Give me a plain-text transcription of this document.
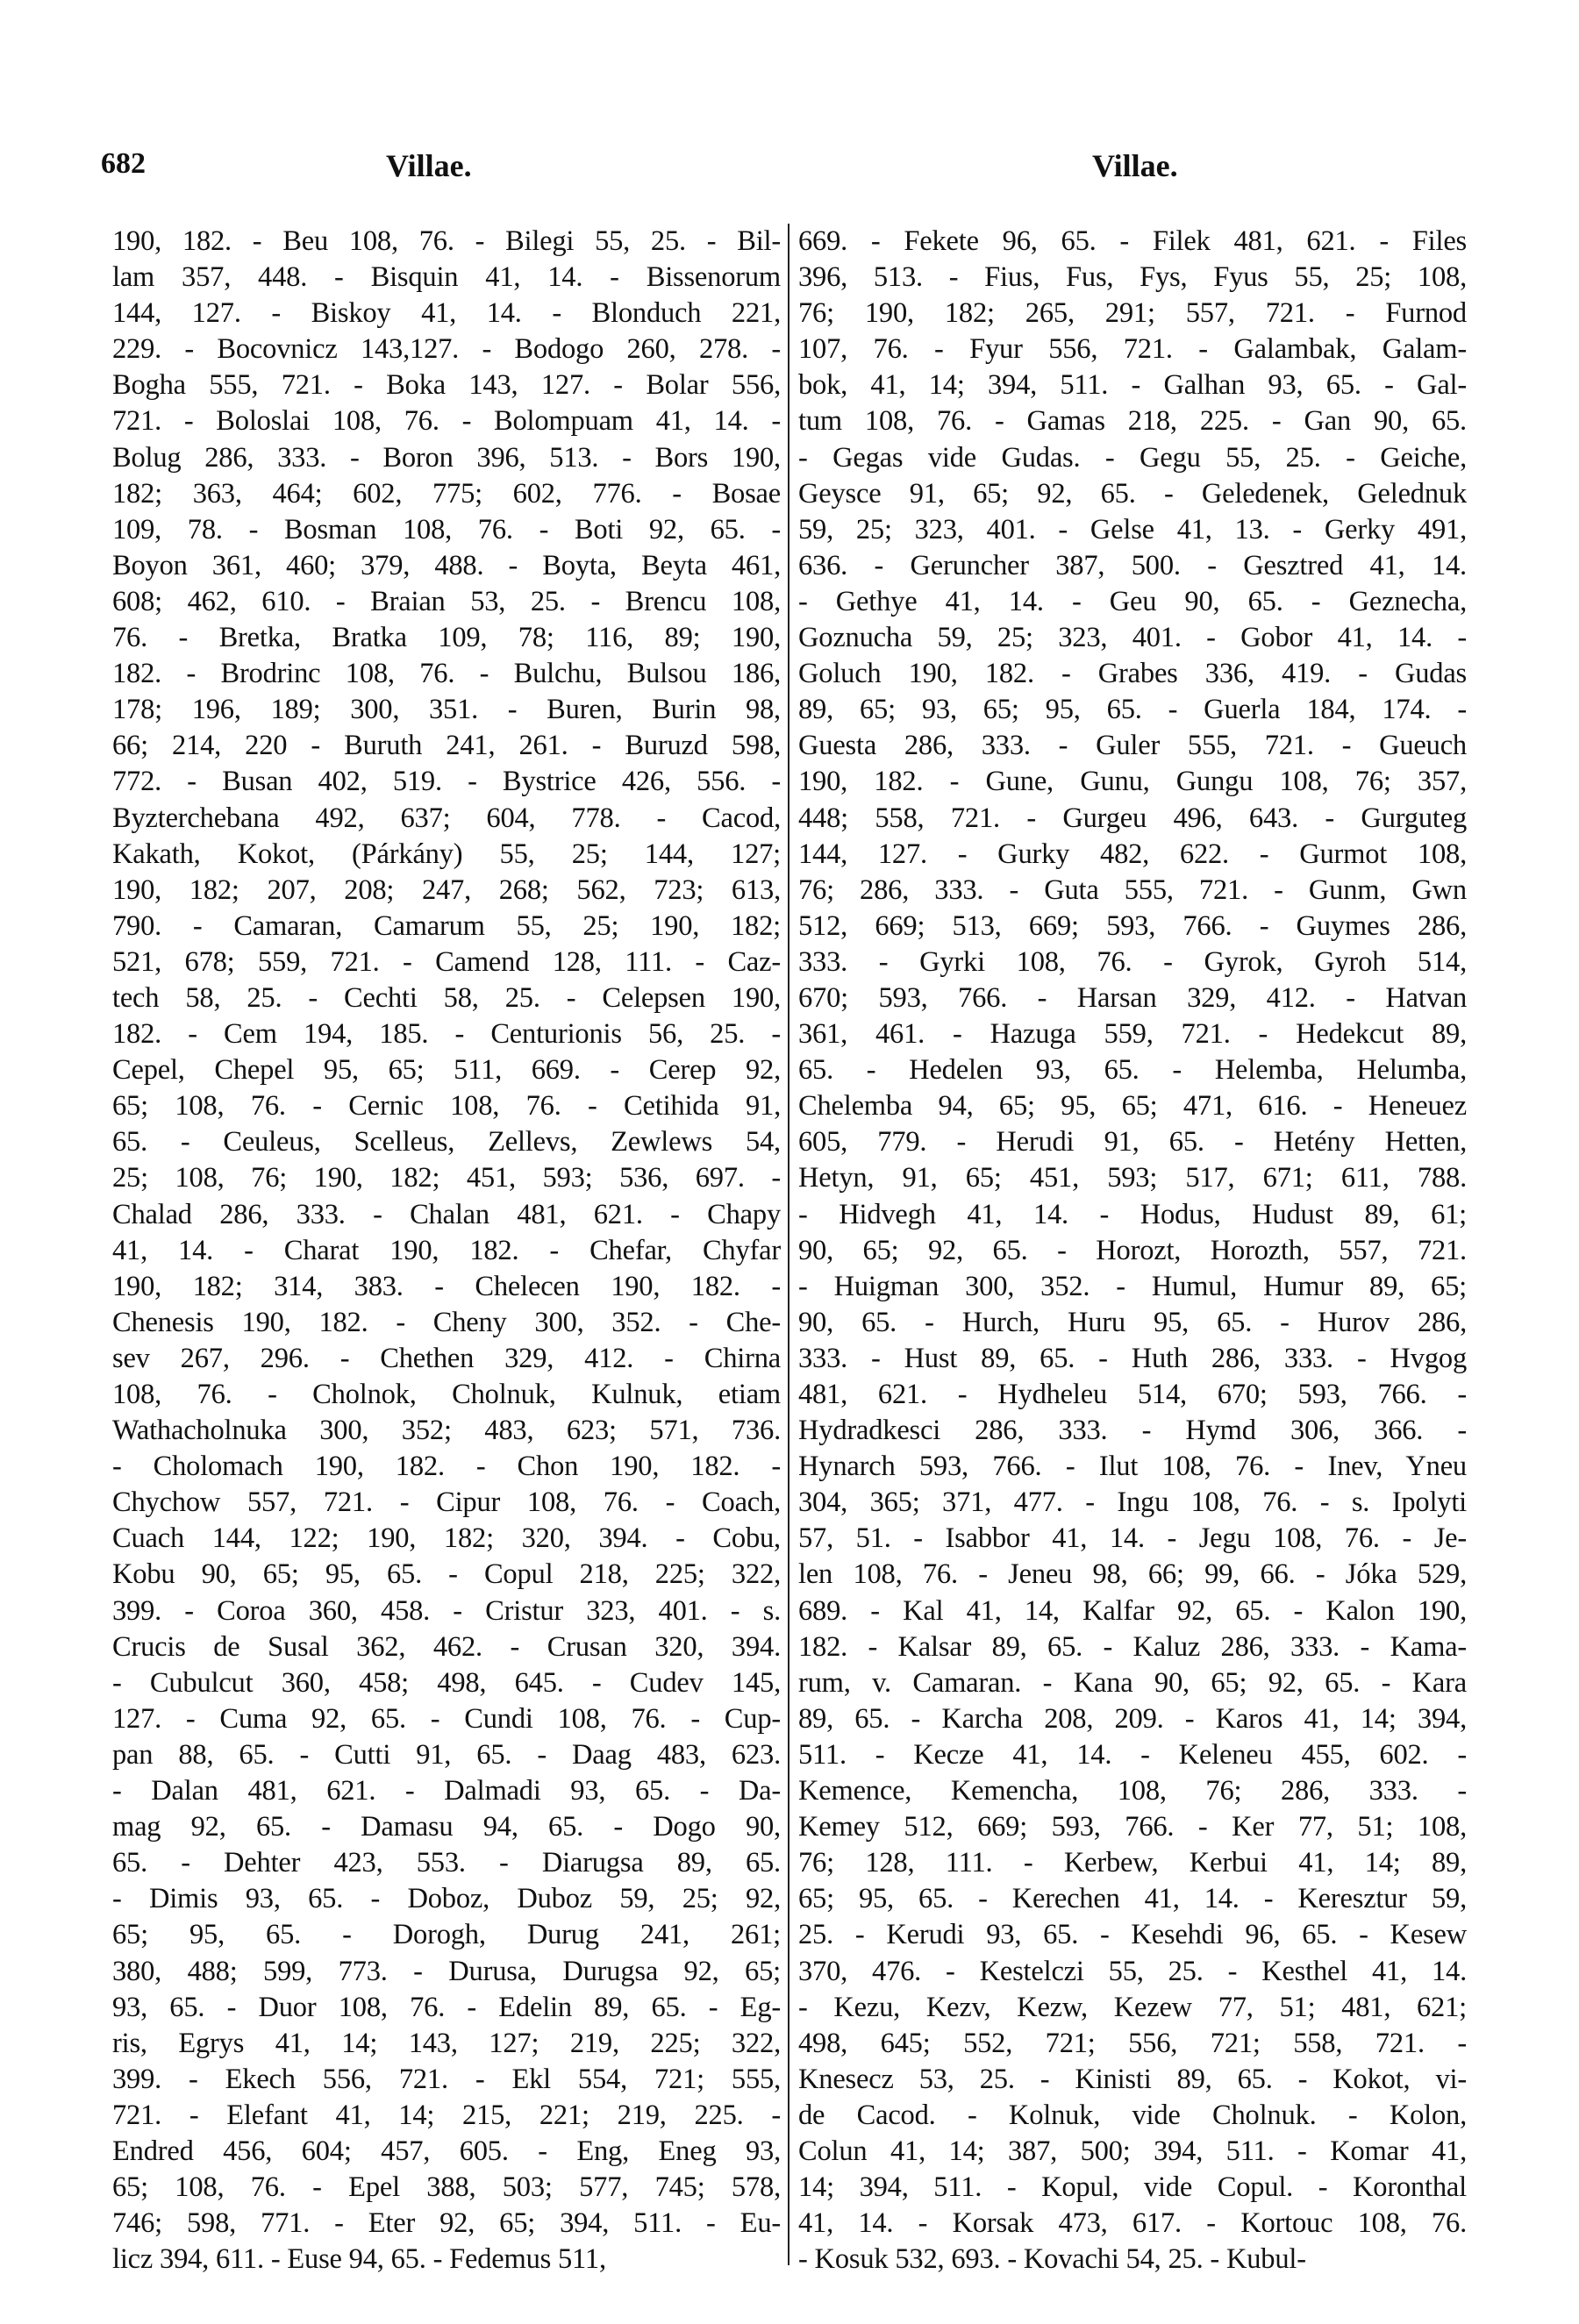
682	Villae.	Villae.
190, 182. - Beu 108, 76. - Bilegi 55, 25. - Bil-
lam 357, 448. - Bisquin 41, 14. - Bissenorum
144, 127. - Biskoy 41, 14. - Blonduch 221,
229. - Bocovnicz 143,127. - Bodogo 260, 278. -
Bogha 555, 721. - Boka 143, 127. - Bolar 556,
721. - Boloslai 108, 76. - Bolompuam 41, 14. -
Bolug 286, 333. - Boron 396, 513. - Bors 190,
182; 363, 464; 602, 775; 602, 776. - Bosae
109, 78. - Bosman 108, 76. - Boti 92, 65. -
Boyon 361, 460; 379, 488. - Boyta, Beyta 461,
608; 462, 610. - Braian 53, 25. - Brencu 108,
76. - Bretka, Bratka 109, 78; 116, 89; 190,
182. - Brodrinc 108, 76. - Bulchu, Bulsou 186,
178; 196, 189; 300, 351. - Buren, Burin 98,
66; 214, 220 - Buruth 241, 261. - Buruzd 598,
772. - Busan 402, 519. - Bystrice 426, 556. -
Byzterchebana 492, 637; 604, 778. - Cacod,
Kakath, Kokot, (Párkány) 55, 25; 144, 127;
190, 182; 207, 208; 247, 268; 562, 723; 613,
790. - Camaran, Camarum 55, 25; 190, 182;
521, 678; 559, 721. - Camend 128, 111. - Caz-
tech 58, 25. - Cechti 58, 25. - Celepsen 190,
182. - Cem 194, 185. - Centurionis 56, 25. -
Cepel, Chepel 95, 65; 511, 669. - Cerep 92,
65; 108, 76. - Cernic 108, 76. - Cetihida 91,
65. - Ceuleus, Scelleus, Zellevs, Zewlews 54,
25; 108, 76; 190, 182; 451, 593; 536, 697. -
Chalad 286, 333. - Chalan 481, 621. - Chapy
41, 14. - Charat 190, 182. - Chefar, Chyfar
190, 182; 314, 383. - Chelecen 190, 182. -
Chenesis 190, 182. - Cheny 300, 352. - Che-
sev 267, 296. - Chethen 329, 412. - Chirna
108, 76. - Cholnok, Cholnuk, Kulnuk, etiam
Wathacholnuka 300, 352; 483, 623; 571, 736.
- Cholomach 190, 182. - Chon 190, 182. -
Chychow 557, 721. - Cipur 108, 76. - Coach,
Cuach 144, 122; 190, 182; 320, 394. - Cobu,
Kobu 90, 65; 95, 65. - Copul 218, 225; 322,
399. - Coroa 360, 458. - Cristur 323, 401. - s.
Crucis de Susal 362, 462. - Crusan 320, 394.
- Cubulcut 360, 458; 498, 645. - Cudev 145,
127. - Cuma 92, 65. - Cundi 108, 76. - Cup-
pan 88, 65. - Cutti 91, 65. - Daag 483, 623.
- Dalan 481, 621. - Dalmadi 93, 65. - Da-
mag 92, 65. - Damasu 94, 65. - Dogo 90,
65. - Dehter 423, 553. - Diarugsa 89, 65.
- Dimis 93, 65. - Doboz, Duboz 59, 25; 92,
65; 95, 65. - Dorogh, Durug 241, 261;
380, 488; 599, 773. - Durusa, Durugsa 92, 65;
93, 65. - Duor 108, 76. - Edelin 89, 65. - Eg-
ris, Egrys 41, 14; 143, 127; 219, 225; 322,
399. - Ekech 556, 721. - Ekl 554, 721; 555,
721. - Elefant 41, 14; 215, 221; 219, 225. -
Endred 456, 604; 457, 605. - Eng, Eneg 93,
65; 108, 76. - Epel 388, 503; 577, 745; 578,
746; 598, 771. - Eter 92, 65; 394, 511. - Eu-
licz 394, 611. - Euse 94, 65. - Fedemus 511,
669. - Fekete 96, 65. - Filek 481, 621. - Files
396, 513. - Fius, Fus, Fys, Fyus 55, 25; 108,
76; 190, 182; 265, 291; 557, 721. - Furnod
107, 76. - Fyur 556, 721. - Galambak, Galam-
bok, 41, 14; 394, 511. - Galhan 93, 65. - Gal-
tum 108, 76. - Gamas 218, 225. - Gan 90, 65.
- Gegas vide Gudas. - Gegu 55, 25. - Geiche,
Geysce 91, 65; 92, 65. - Geledenek, Gelednuk
59, 25; 323, 401. - Gelse 41, 13. - Gerky 491,
636. - Geruncher 387, 500. - Gesztred 41, 14.
- Gethye 41, 14. - Geu 90, 65. - Geznecha,
Goznucha 59, 25; 323, 401. - Gobor 41, 14. -
Goluch 190, 182. - Grabes 336, 419. - Gudas
89, 65; 93, 65; 95, 65. - Guerla 184, 174. -
Guesta 286, 333. - Guler 555, 721. - Gueuch
190, 182. - Gune, Gunu, Gungu 108, 76; 357,
448; 558, 721. - Gurgeu 496, 643. - Gurguteg
144, 127. - Gurky 482, 622. - Gurmot 108,
76; 286, 333. - Guta 555, 721. - Gunm, Gwn
512, 669; 513, 669; 593, 766. - Guymes 286,
333. - Gyrki 108, 76. - Gyrok, Gyroh 514,
670; 593, 766. - Harsan 329, 412. - Hatvan
361, 461. - Hazuga 559, 721. - Hedekcut 89,
65. - Hedelen 93, 65. - Helemba, Helumba,
Chelemba 94, 65; 95, 65; 471, 616. - Heneuez
605, 779. - Herudi 91, 65. - Hetény Hetten,
Hetyn, 91, 65; 451, 593; 517, 671; 611, 788.
- Hidvegh 41, 14. - Hodus, Hudust 89, 61;
90, 65; 92, 65. - Horozt, Horozth, 557, 721.
- Huigman 300, 352. - Humul, Humur 89, 65;
90, 65. - Hurch, Huru 95, 65. - Hurov 286,
333. - Hust 89, 65. - Huth 286, 333. - Hvgog
481, 621. - Hydheleu 514, 670; 593, 766. -
Hydradkesci 286, 333. - Hymd 306, 366. -
Hynarch 593, 766. - Ilut 108, 76. - Inev, Yneu
304, 365; 371, 477. - Ingu 108, 76. - s. Ipolyti
57, 51. - Isabbor 41, 14. - Jegu 108, 76. - Je-
len 108, 76. - Jeneu 98, 66; 99, 66. - Jóka 529,
689. - Kal 41, 14, Kalfar 92, 65. - Kalon 190,
182. - Kalsar 89, 65. - Kaluz 286, 333. - Kama-
rum, v. Camaran. - Kana 90, 65; 92, 65. - Kara
89, 65. - Karcha 208, 209. - Karos 41, 14; 394,
511. - Kecze 41, 14. - Keleneu 455, 602. -
Kemence, Kemencha, 108, 76; 286, 333. -
Kemey 512, 669; 593, 766. - Ker 77, 51; 108,
76; 128, 111. - Kerbew, Kerbui 41, 14; 89,
65; 95, 65. - Kerechen 41, 14. - Keresztur 59,
25. - Kerudi 93, 65. - Kesehdi 96, 65. - Kesew
370, 476. - Kestelczi 55, 25. - Kesthel 41, 14.
- Kezu, Kezv, Kezw, Kezew 77, 51; 481, 621;
498, 645; 552, 721; 556, 721; 558, 721. -
Knesecz 53, 25. - Kinisti 89, 65. - Kokot, vi-
de Cacod. - Kolnuk, vide Cholnuk. - Kolon,
Colun 41, 14; 387, 500; 394, 511. - Komar 41,
14; 394, 511. - Kopul, vide Copul. - Koronthal
41, 14. - Korsak 473, 617. - Kortouc 108, 76.
- Kosuk 532, 693. - Kovachi 54, 25. - Kubul-
